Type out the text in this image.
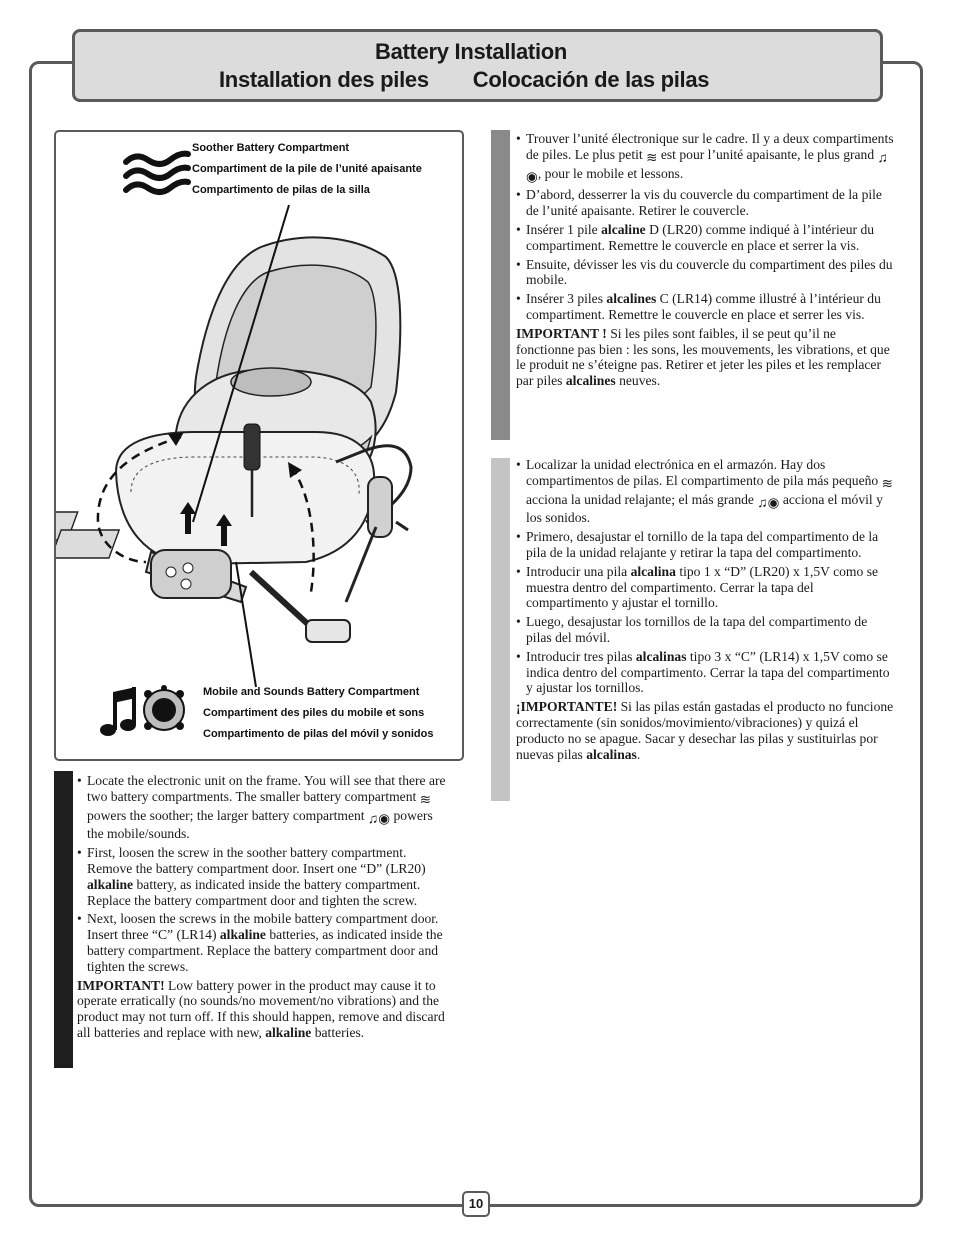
Battery Installation
Installation des piles Colocación de las pilas
Soother Battery Compartment
Compartiment de la pile de l’unité apaisante
Compartimento de pilas de la silla
Mobile and Sounds Battery Compartment
Compartiment des piles du mobile et sons
Compartimento de pilas del móvil y sonidos
• Locate the electronic unit on the frame. You will see that there are two battery compartments. The smaller battery compartment ≋ powers the soother; the larger battery compartment ♫◉ powers the mobile/sounds.
• First, loosen the screw in the soother battery compartment. Remove the battery compartment door. Insert one “D” (LR20) alkaline battery, as indicated inside the battery compartment. Replace the battery compartment door and tighten the screw.
• Next, loosen the screws in the mobile battery compartment door. Insert three “C” (LR14) alkaline batteries, as indicated inside the battery compartment. Replace the battery compartment door and tighten the screws.

IMPORTANT! Low battery power in the product may cause it to operate erratically (no sounds/no movement/no vibrations) and the product may not turn off. If this should happen, remove and discard all batteries and replace with new, alkaline batteries.

• Trouver l’unité électronique sur le cadre. Il y a deux compartiments de piles. Le plus petit ≋ est pour l’unité apaisante, le plus grand ♫◉, pour le mobile et lessons.
• D’abord, desserrer la vis du couvercle du compartiment de la pile de l’unité apaisante. Retirer le couvercle.
• Insérer 1 pile alcaline D (LR20) comme indiqué à l’intérieur du compartiment. Remettre le couvercle en place et serrer la vis.
• Ensuite, dévisser les vis du couvercle du compartiment des piles du mobile.
• Insérer 3 piles alcalines C (LR14) comme illustré à l’intérieur du compartiment. Remettre le couvercle en place et serrer les vis.

IMPORTANT ! Si les piles sont faibles, il se peut qu’il ne fonctionne pas bien : les sons, les mouvements, les vibrations, et que le produit ne s’éteigne pas. Retirer et jeter les piles et les remplacer par piles alcalines neuves.

• Localizar la unidad electrónica en el armazón. Hay dos compartimentos de pilas. El compartimento de pila más pequeño ≋ acciona la unidad relajante; el más grande ♫◉ acciona el móvil y los sonidos.
• Primero, desajustar el tornillo de la tapa del compartimento de la pila de la unidad relajante y retirar la tapa del compartimento.
• Introducir una pila alcalina tipo 1 x “D” (LR20) x 1,5V como se muestra dentro del compartimento. Cerrar la tapa del compartimento y ajustar el tornillo.
• Luego, desajustar los tornillos de la tapa del compartimento de pilas del móvil.
• Introducir tres pilas alcalinas tipo 3 x “C” (LR14) x 1,5V como se indica dentro del compartimento. Cerrar la tapa del compartimento y ajustar los tornillos.

¡IMPORTANTE! Si las pilas están gastadas el producto no funcione correctamente (sin sonidos/movimiento/vibraciones) y quizá el producto no se apague. Sacar y desechar las pilas y sustituirlas por nuevas pilas alcalinas.

10
